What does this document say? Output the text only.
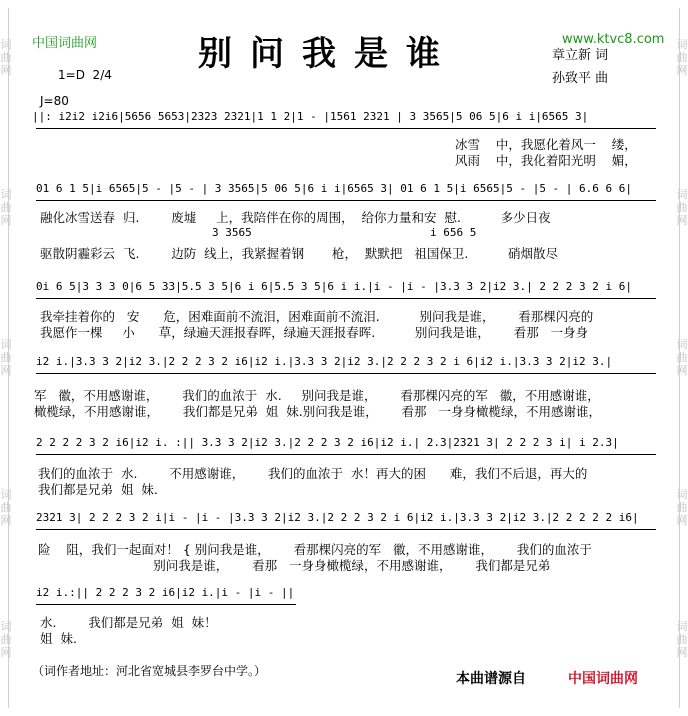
词曲网
词曲网
词曲网
词曲网
词曲网
词曲网
词曲网
词曲网
词曲网
词曲网
中国词曲网	www.ktvc8.com
别问我是谁	章立新 词
孙致平 曲
1=D  2/4
J=80
||: i2i2 i2i6|5656 5653|2323 2321|1 1 2|1 - |1561 2321 | 3 3565|5 06 5|6 i i|6565 3|
冰雪    中，我愿化着风一    缕，
风雨    中，我化着阳光明    媚，
01 6 1 5|i 6565|5 - |5 - | 3 3565|5 06 5|6 i i|6565 3| 01 6 1 5|i 6565|5 - |5 - | 6.6 6 6|
融化冰雪送春  归.        废墟     上，我陪伴在你的周围，  给你力量和安  慰.          多少日夜
3 3565	i 656 5
驱散阴霾彩云  飞.        边防  线上，我紧握着钢       枪，  默默把   祖国保卫.          硝烟散尽
0i 6 5|3 3 3 0|6 5 33|5.5 3 5|6 i 6|5.5 3 5|6 i i.|i - |i - |3.3 3 2|i2 3.| 2 2 2 3 2 i 6|
我牵挂着你的   安      危，困难面前不流泪，困难面前不流泪.          别问我是谁，      看那棵闪亮的
我愿作一棵     小      草，绿遍天涯报春晖，绿遍天涯报春晖.          别问我是谁，      看那   一身身
i2 i.|3.3 3 2|i2 3.|2 2 2 3 2 i6|i2 i.|3.3 3 2|i2 3.|2 2 2 3 2 i 6|i2 i.|3.3 3 2|i2 3.|
军   徽，不用感谢谁，      我们的血浓于  水.     别问我是谁，      看那棵闪亮的军   徽，不用感谢谁，
橄榄绿，不用感谢谁，      我们都是兄弟  姐  妹.别问我是谁，      看那   一身身橄榄绿，不用感谢谁，
2 2 2 2 3 2 i6|i2 i. :|| 3.3 3 2|i2 3.|2 2 2 3 2 i6|i2 i.| 2.3|2321 3| 2 2 2 3 i| i 2.3|
我们的血浓于  水.        不用感谢谁，      我们的血浓于  水！再大的困      难，我们不后退，再大的
我们都是兄弟  姐  妹.
2321 3| 2 2 2 3 2 i|i - |i - |3.3 3 2|i2 3.|2 2 2 3 2 i 6|i2 i.|3.3 3 2|i2 3.|2 2 2 2 2 i6|
险    阻，我们一起面对！ { 别问我是谁，      看那棵闪亮的军   徽，不用感谢谁，      我们的血浓于
别问我是谁，      看那   一身身橄榄绿，不用感谢谁，      我们都是兄弟
i2 i.:|| 2 2 2 3 2 i6|i2 i.|i - |i - ||
水.        我们都是兄弟  姐  妹！
姐  妹.
（词作者地址：河北省宽城县李罗台中学。）	本曲谱源自	中国词曲网
